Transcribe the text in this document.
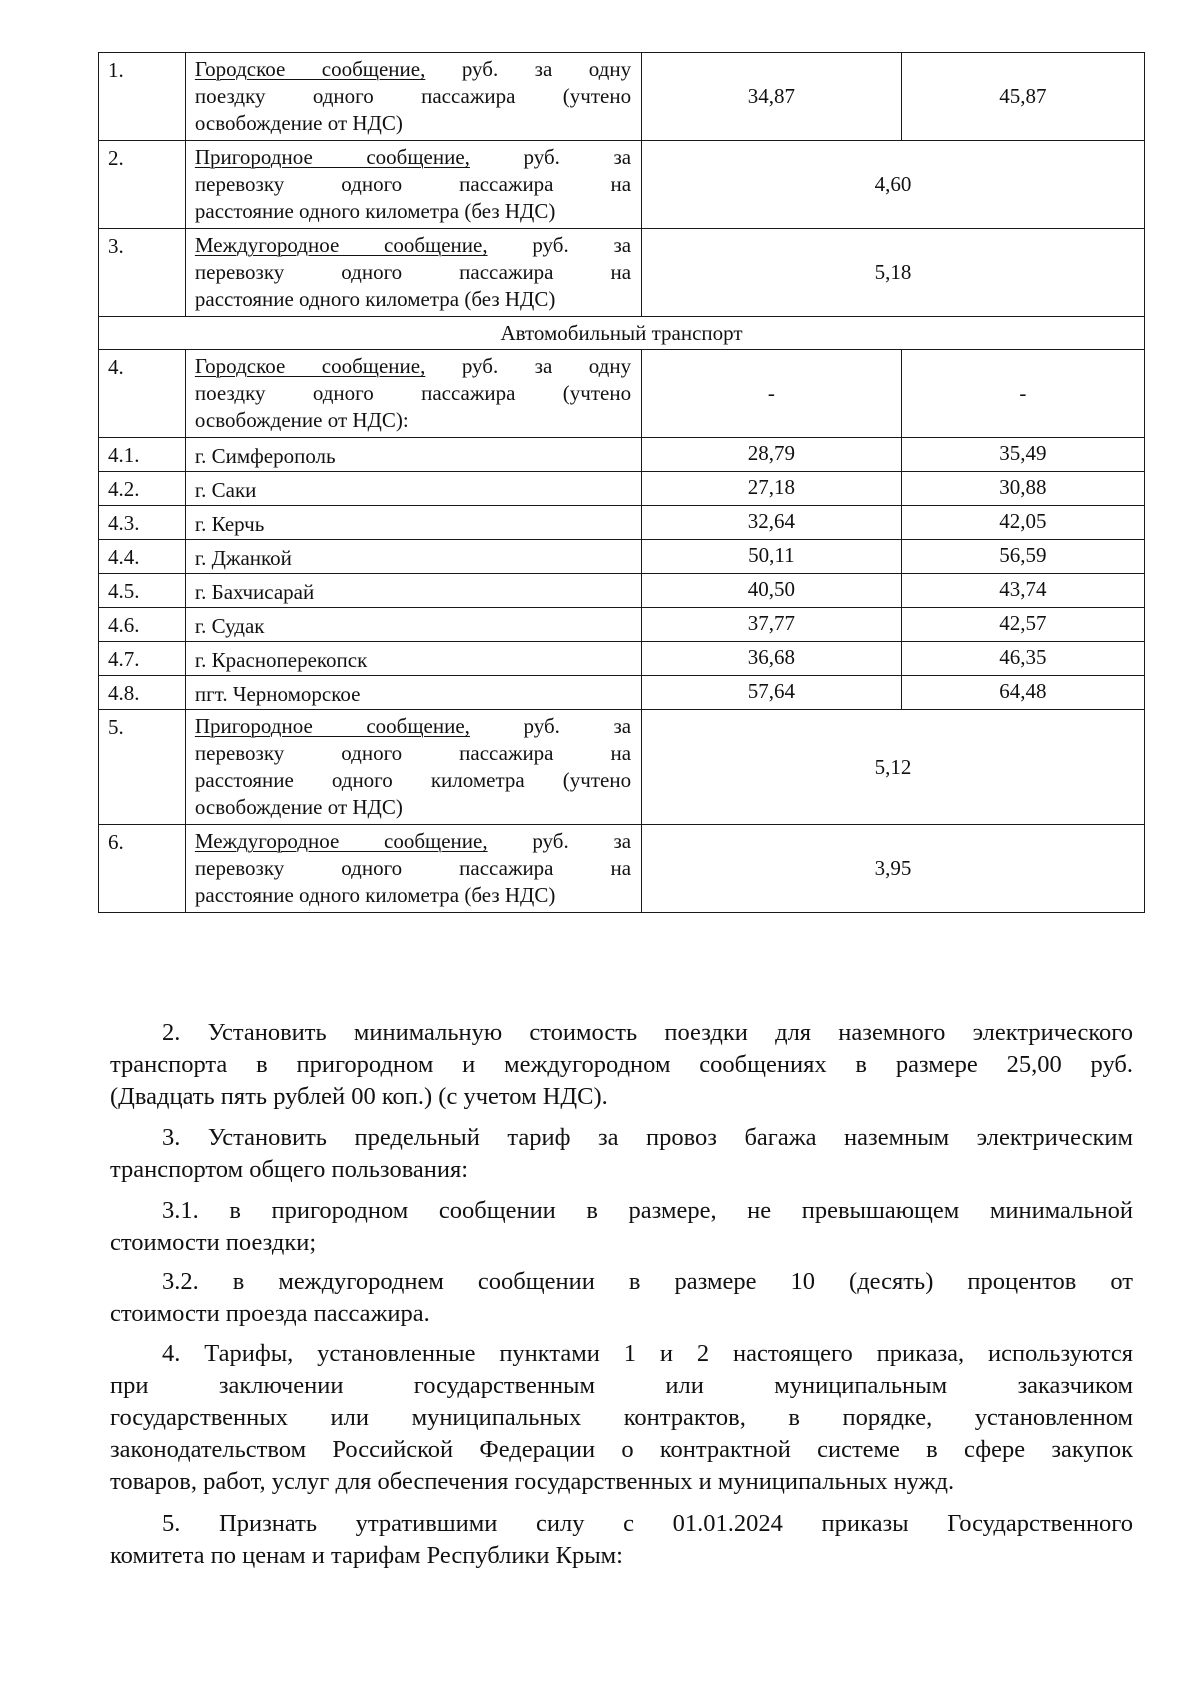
1.	Городское сообщение, руб. за одну
поездку одного пассажира (учтено
освобождение от НДС)	34,87	45,87
2.	Пригородное сообщение, руб. за
перевозку одного пассажира на
расстояние одного километра (без НДС)	4,60	
3.	Междугородное сообщение, руб. за
перевозку одного пассажира на
расстояние одного километра (без НДС)	5,18	
Автомобильный транспорт			
4.	Городское сообщение, руб. за одну
поездку одного пассажира (учтено
освобождение от НДС):	-	-
4.1.	г. Симферополь	28,79	35,49
4.2.	г. Саки	27,18	30,88
4.3.	г. Керчь	32,64	42,05
4.4.	г. Джанкой	50,11	56,59
4.5.	г. Бахчисарай	40,50	43,74
4.6.	г. Судак	37,77	42,57
4.7.	г. Красноперекопск	36,68	46,35
4.8.	пгт. Черноморское	57,64	64,48
5.	Пригородное сообщение, руб. за
перевозку одного пассажира на
расстояние одного километра (учтено
освобождение от НДС)	5,12	
6.	Междугородное сообщение, руб. за
перевозку одного пассажира на
расстояние одного километра (без НДС)	3,95	
2. Установить минимальную стоимость поездки для наземного электрического
транспорта в пригородном и междугородном сообщениях в размере 25,00 руб.
(Двадцать пять рублей 00 коп.) (с учетом НДС).
3. Установить предельный тариф за провоз багажа наземным электрическим
транспортом общего пользования:
3.1. в пригородном сообщении в размере, не превышающем минимальной
стоимости поездки;
3.2. в междугороднем сообщении в размере 10 (десять) процентов от
стоимости проезда пассажира.
4. Тарифы, установленные пунктами 1 и 2 настоящего приказа, используются
при заключении государственным или муниципальным заказчиком
государственных или муниципальных контрактов, в порядке, установленном
законодательством Российской Федерации о контрактной системе в сфере закупок
товаров, работ, услуг для обеспечения государственных и муниципальных нужд.
5. Признать утратившими силу с 01.01.2024 приказы Государственного
комитета по ценам и тарифам Республики Крым:
